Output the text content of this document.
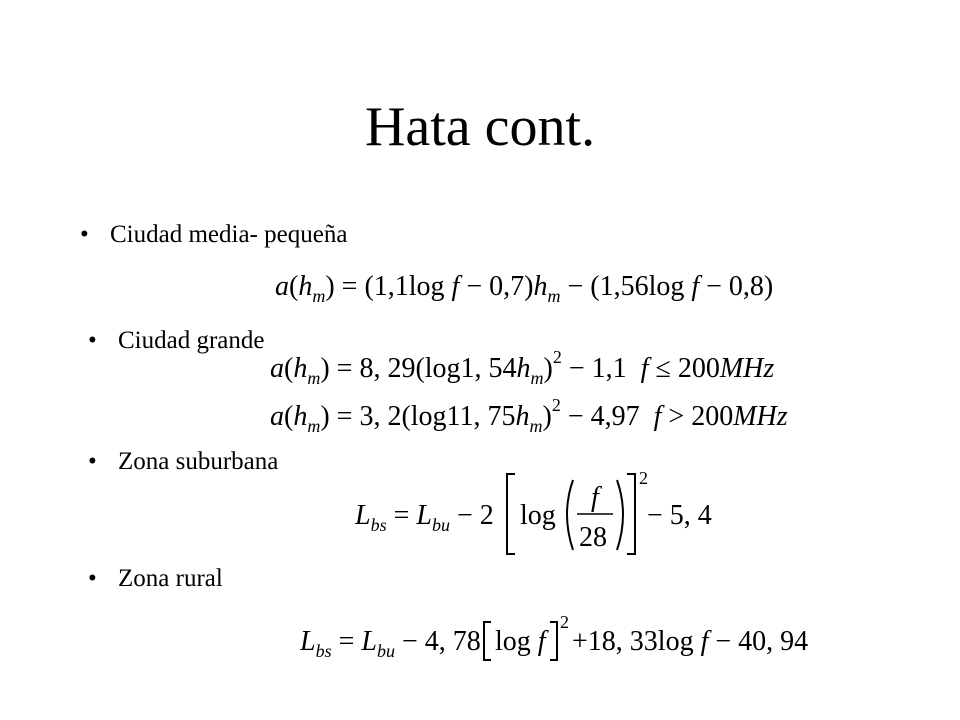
Hata cont.
• Ciudad media- pequeña
$a(h_m) = (1,1\log$ $f - 0,7)h_m - (1,56\log$ f − 0,8)
• Ciudad grande
$a(h_m) = 8$, 29(log1, $54h_m)^2 - 1,1$  f ≤ 200MHz
$a(h_m) = 3$, 2(log11, $75h_m)^2 - 4,97$  f > 200MHz
• Zona suburbana
$L_{bs} = L_{bu} - 2$ log
f
28
2
− 5, 4
• Zona rural
$L_{bs} = L_{bu} - 4$, 78 log f
2
+18, 33log f − 40, 94
